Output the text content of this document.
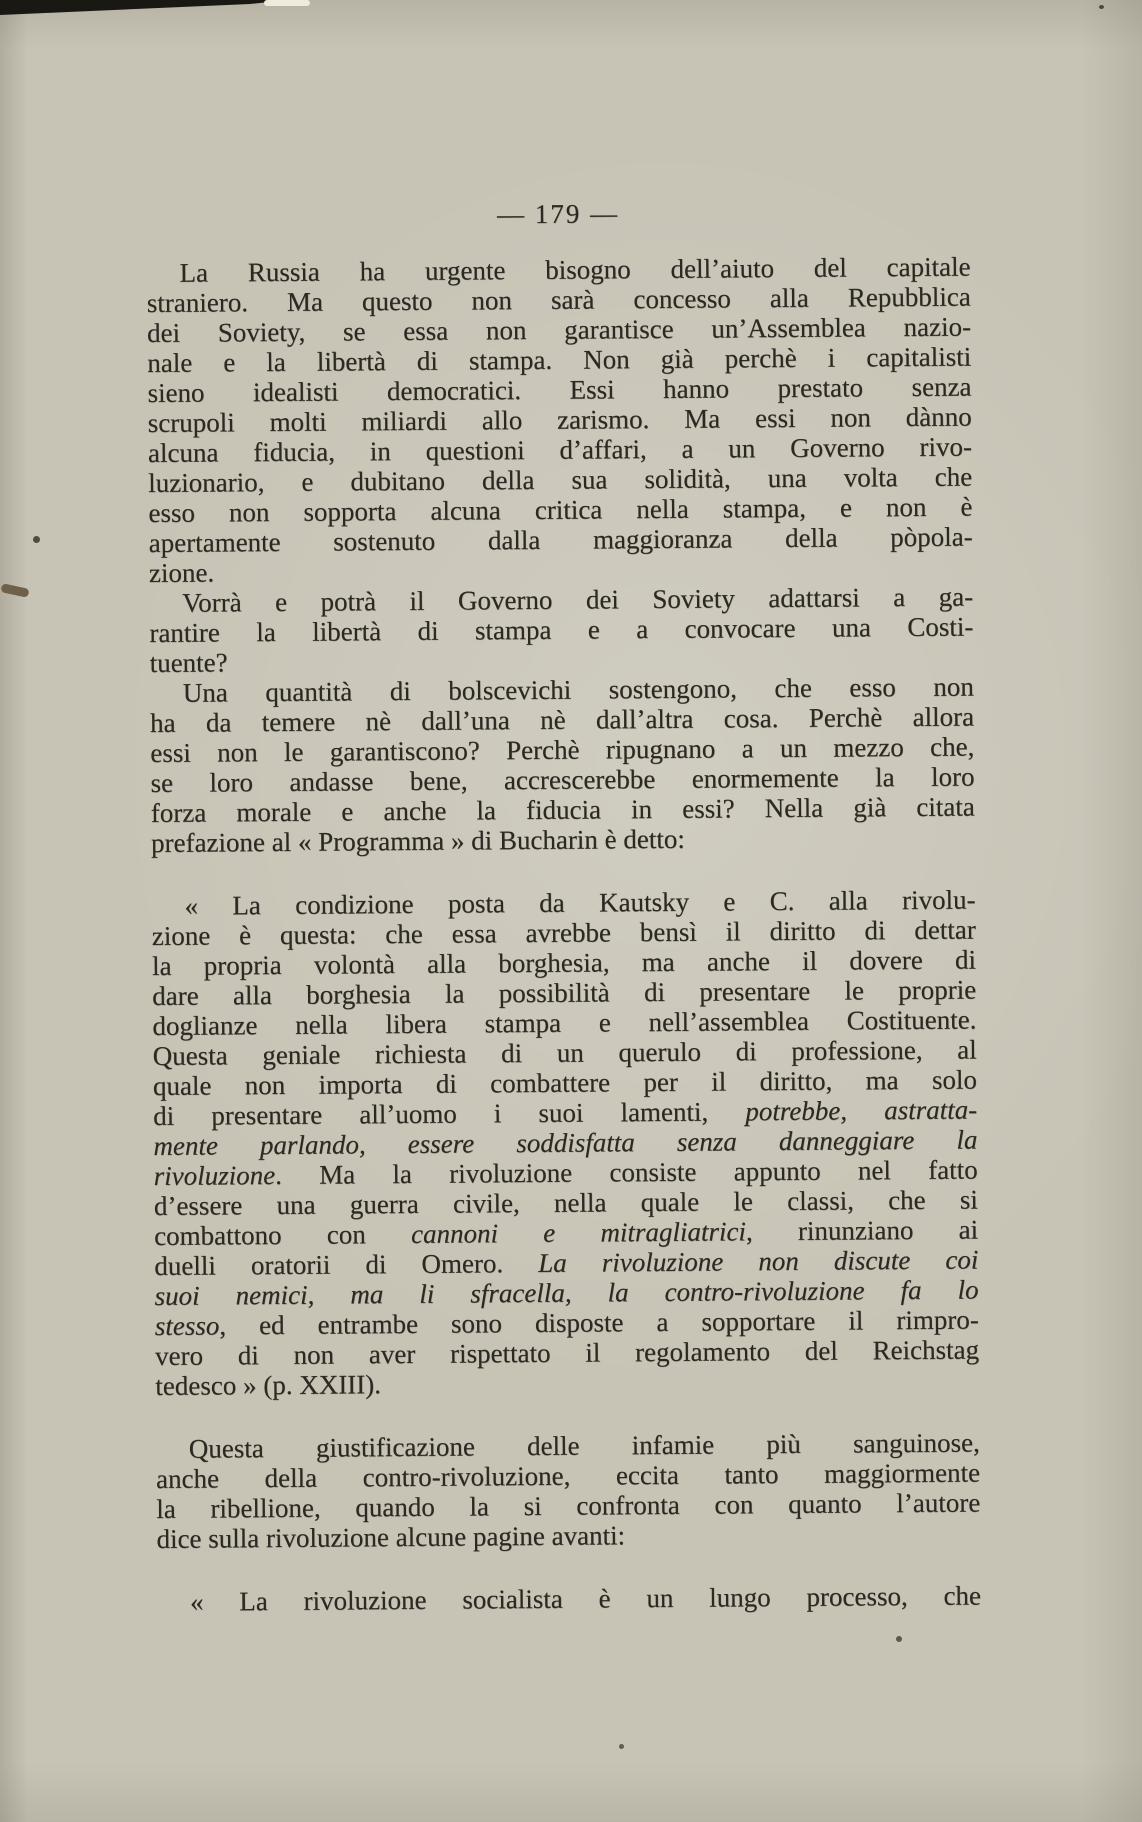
— 179 —
La Russia ha urgente bisogno dell’aiuto del capitale
straniero. Ma questo non sarà concesso alla Repubblica
dei Soviety, se essa non garantisce un’Assemblea nazio-
nale e la libertà di stampa. Non già perchè i capitalisti
sieno idealisti democratici. Essi hanno prestato senza
scrupoli molti miliardi allo zarismo. Ma essi non dànno
alcuna fiducia, in questioni d’affari, a un Governo rivo-
luzionario, e dubitano della sua solidità, una volta che
esso non sopporta alcuna critica nella stampa, e non è
apertamente sostenuto dalla maggioranza della pòpola-
zione.
Vorrà e potrà il Governo dei Soviety adattarsi a ga-
rantire la libertà di stampa e a convocare una Costi-
tuente?
Una quantità di bolscevichi sostengono, che esso non
ha da temere nè dall’una nè dall’altra cosa. Perchè allora
essi non le garantiscono? Perchè ripugnano a un mezzo che,
se loro andasse bene, accrescerebbe enormemente la loro
forza morale e anche la fiducia in essi? Nella già citata
prefazione al « Programma » di Bucharin è detto:
« La condizione posta da Kautsky e C. alla rivolu-
zione è questa: che essa avrebbe bensì il diritto di dettar
la propria volontà alla borghesia, ma anche il dovere di
dare alla borghesia la possibilità di presentare le proprie
doglianze nella libera stampa e nell’assemblea Costituente.
Questa geniale richiesta di un querulo di professione, al
quale non importa di combattere per il diritto, ma solo
di presentare all’uomo i suoi lamenti, potrebbe, astratta-
mente parlando, essere soddisfatta senza danneggiare la
rivoluzione. Ma la rivoluzione consiste appunto nel fatto
d’essere una guerra civile, nella quale le classi, che si
combattono con cannoni e mitragliatrici, rinunziano ai
duelli oratorii di Omero. La rivoluzione non discute coi
suoi nemici, ma li sfracella, la contro-rivoluzione fa lo
stesso, ed entrambe sono disposte a sopportare il rimpro-
vero di non aver rispettato il regolamento del Reichstag
tedesco » (p. XXIII).
Questa giustificazione delle infamie più sanguinose,
anche della contro-rivoluzione, eccita tanto maggiormente
la ribellione, quando la si confronta con quanto l’autore
dice sulla rivoluzione alcune pagine avanti:
« La rivoluzione socialista è un lungo processo, che
